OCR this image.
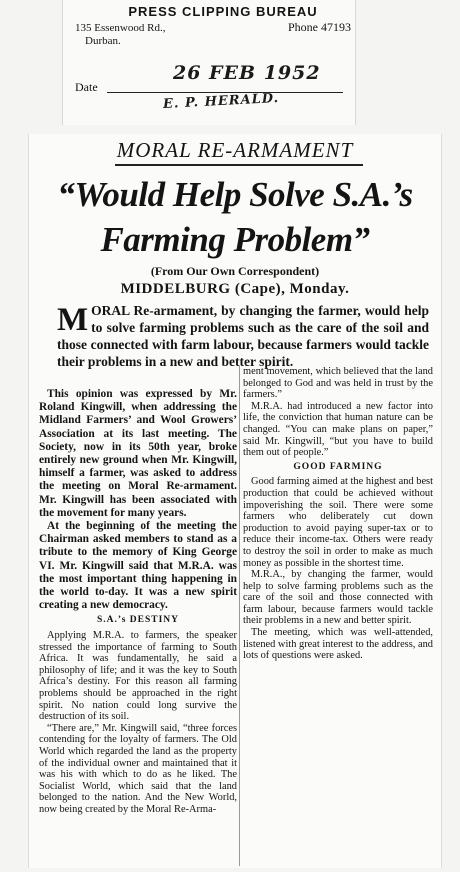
PRESS CLIPPING BUREAU
135 Essenwood Rd.,
Durban.
Phone 47193
Date
26 FEB 1952
E. P. HERALD.
MORAL RE-ARMAMENT
“Would Help Solve S.A.’s
Farming Problem”
(From Our Own Correspondent)
MIDDELBURG (Cape), Monday.
MORAL Re-armament, by changing the farmer, would help to solve farming problems such as the care of the soil and those connected with farm labour, because farmers would tackle their problems in a new and better spirit.

This opinion was expressed by Mr. Roland Kingwill, when addressing the Midland Farmers’ and Wool Growers’ Association at its last meeting. The Society, now in its 50th year, broke entirely new ground when Mr. Kingwill, himself a farmer, was asked to address the meeting on Moral Re-armament. Mr. Kingwill has been associated with the movement for many years.

At the beginning of the meeting the Chairman asked members to stand as a tribute to the memory of King George VI. Mr. Kingwill said that M.R.A. was the most important thing happening in the world to-day. It was a new spirit creating a new democracy.

S.A.’s DESTINY

Applying M.R.A. to farmers, the speaker stressed the importance of farming to South Africa. It was fundamentally, he said a philosophy of life; and it was the key to South Africa’s destiny. For this reason all farming problems should be approached in the right spirit. No nation could long survive the destruction of its soil.

“There are,” Mr. Kingwill said, “three forces contending for the loyalty of farmers. The Old World which regarded the land as the property of the individual owner and maintained that it was his with which to do as he liked. The Socialist World, which said that the land belonged to the nation. And the New World, now being created by the Moral Re-Arma-

ment movement, which believed that the land belonged to God and was held in trust by the farmers.”

M.R.A. had introduced a new factor into life, the conviction that human nature can be changed. “You can make plans on paper,” said Mr. Kingwill, “but you have to build them out of people.”

GOOD FARMING

Good farming aimed at the highest and best production that could be achieved without impoverishing the soil. There were some farmers who deliberately cut down production to avoid paying super-tax or to reduce their income-tax. Others were ready to destroy the soil in order to make as much money as possible in the shortest time.

M.R.A., by changing the farmer, would help to solve farming problems such as the care of the soil and those connected with farm labour, because farmers would tackle their problems in a new and better spirit.

The meeting, which was well-attended, listened with great interest to the address, and lots of questions were asked.
